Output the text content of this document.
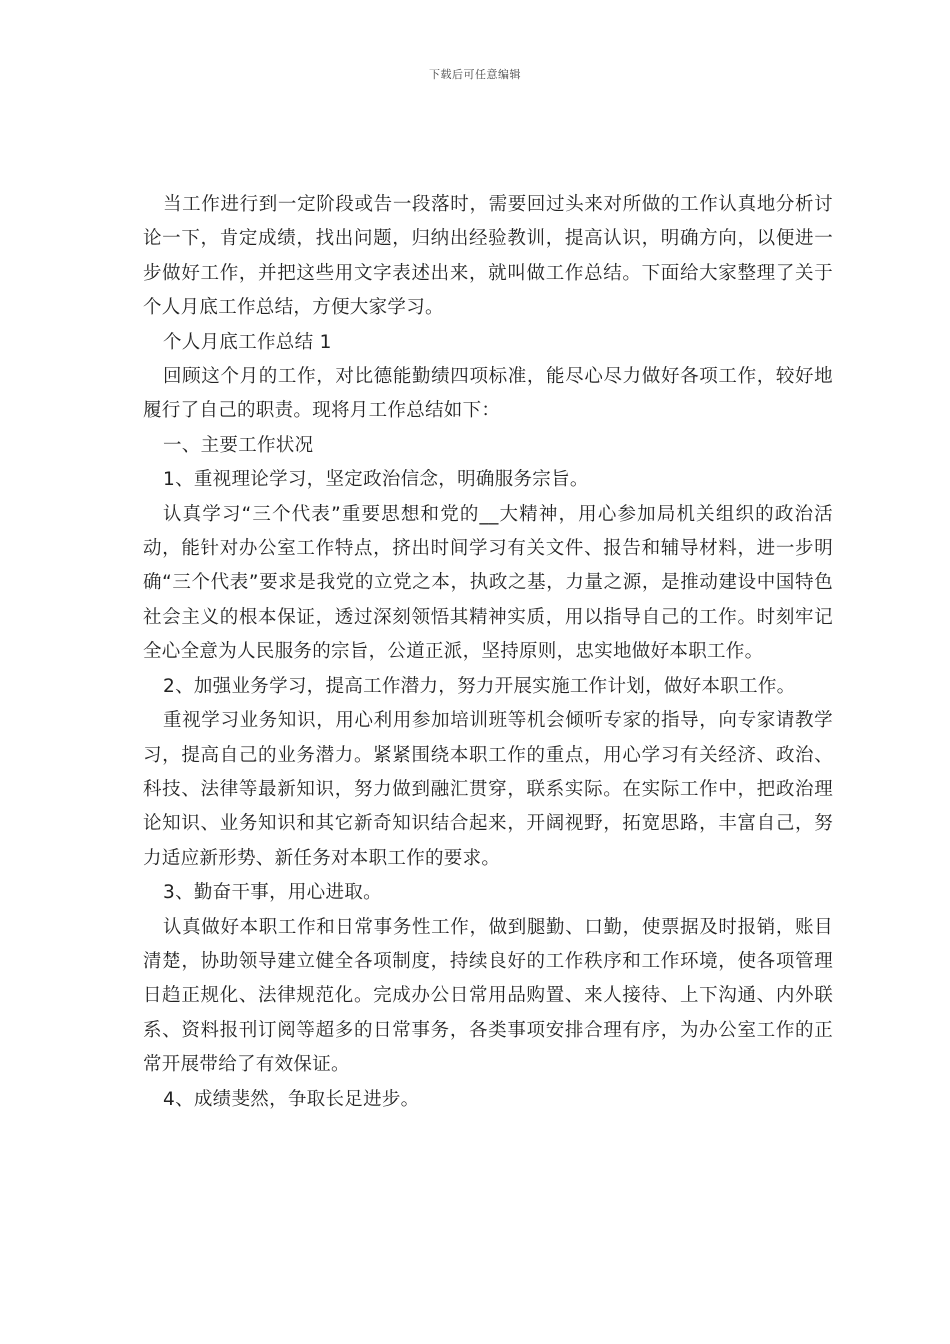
下载后可任意编辑

当工作进行到一定阶段或告一段落时，需要回过头来对所做的工作认真地分析讨论一下，肯定成绩，找出问题，归纳出经验教训，提高认识，明确方向，以便进一步做好工作，并把这些用文字表述出来，就叫做工作总结。下面给大家整理了关于个人月底工作总结，方便大家学习。

个人月底工作总结 1

回顾这个月的工作，对比德能勤绩四项标准，能尽心尽力做好各项工作，较好地履行了自己的职责。现将月工作总结如下：

一、主要工作状况

1、重视理论学习，坚定政治信念，明确服务宗旨。

认真学习“三个代表”重要思想和党的__大精神，用心参加局机关组织的政治活动，能针对办公室工作特点，挤出时间学习有关文件、报告和辅导材料，进一步明确“三个代表”要求是我党的立党之本，执政之基，力量之源，是推动建设中国特色社会主义的根本保证，透过深刻领悟其精神实质，用以指导自己的工作。时刻牢记全心全意为人民服务的宗旨，公道正派，坚持原则，忠实地做好本职工作。

2、加强业务学习，提高工作潜力，努力开展实施工作计划，做好本职工作。

重视学习业务知识，用心利用参加培训班等机会倾听专家的指导，向专家请教学习，提高自己的业务潜力。紧紧围绕本职工作的重点，用心学习有关经济、政治、科技、法律等最新知识，努力做到融汇贯穿，联系实际。在实际工作中，把政治理论知识、业务知识和其它新奇知识结合起来，开阔视野，拓宽思路，丰富自己，努力适应新形势、新任务对本职工作的要求。

3、勤奋干事，用心进取。

认真做好本职工作和日常事务性工作，做到腿勤、口勤，使票据及时报销，账目清楚，协助领导建立健全各项制度，持续良好的工作秩序和工作环境，使各项管理日趋正规化、法律规范化。完成办公日常用品购置、来人接待、上下沟通、内外联系、资料报刊订阅等超多的日常事务，各类事项安排合理有序，为办公室工作的正常开展带给了有效保证。

4、成绩斐然，争取长足进步。
